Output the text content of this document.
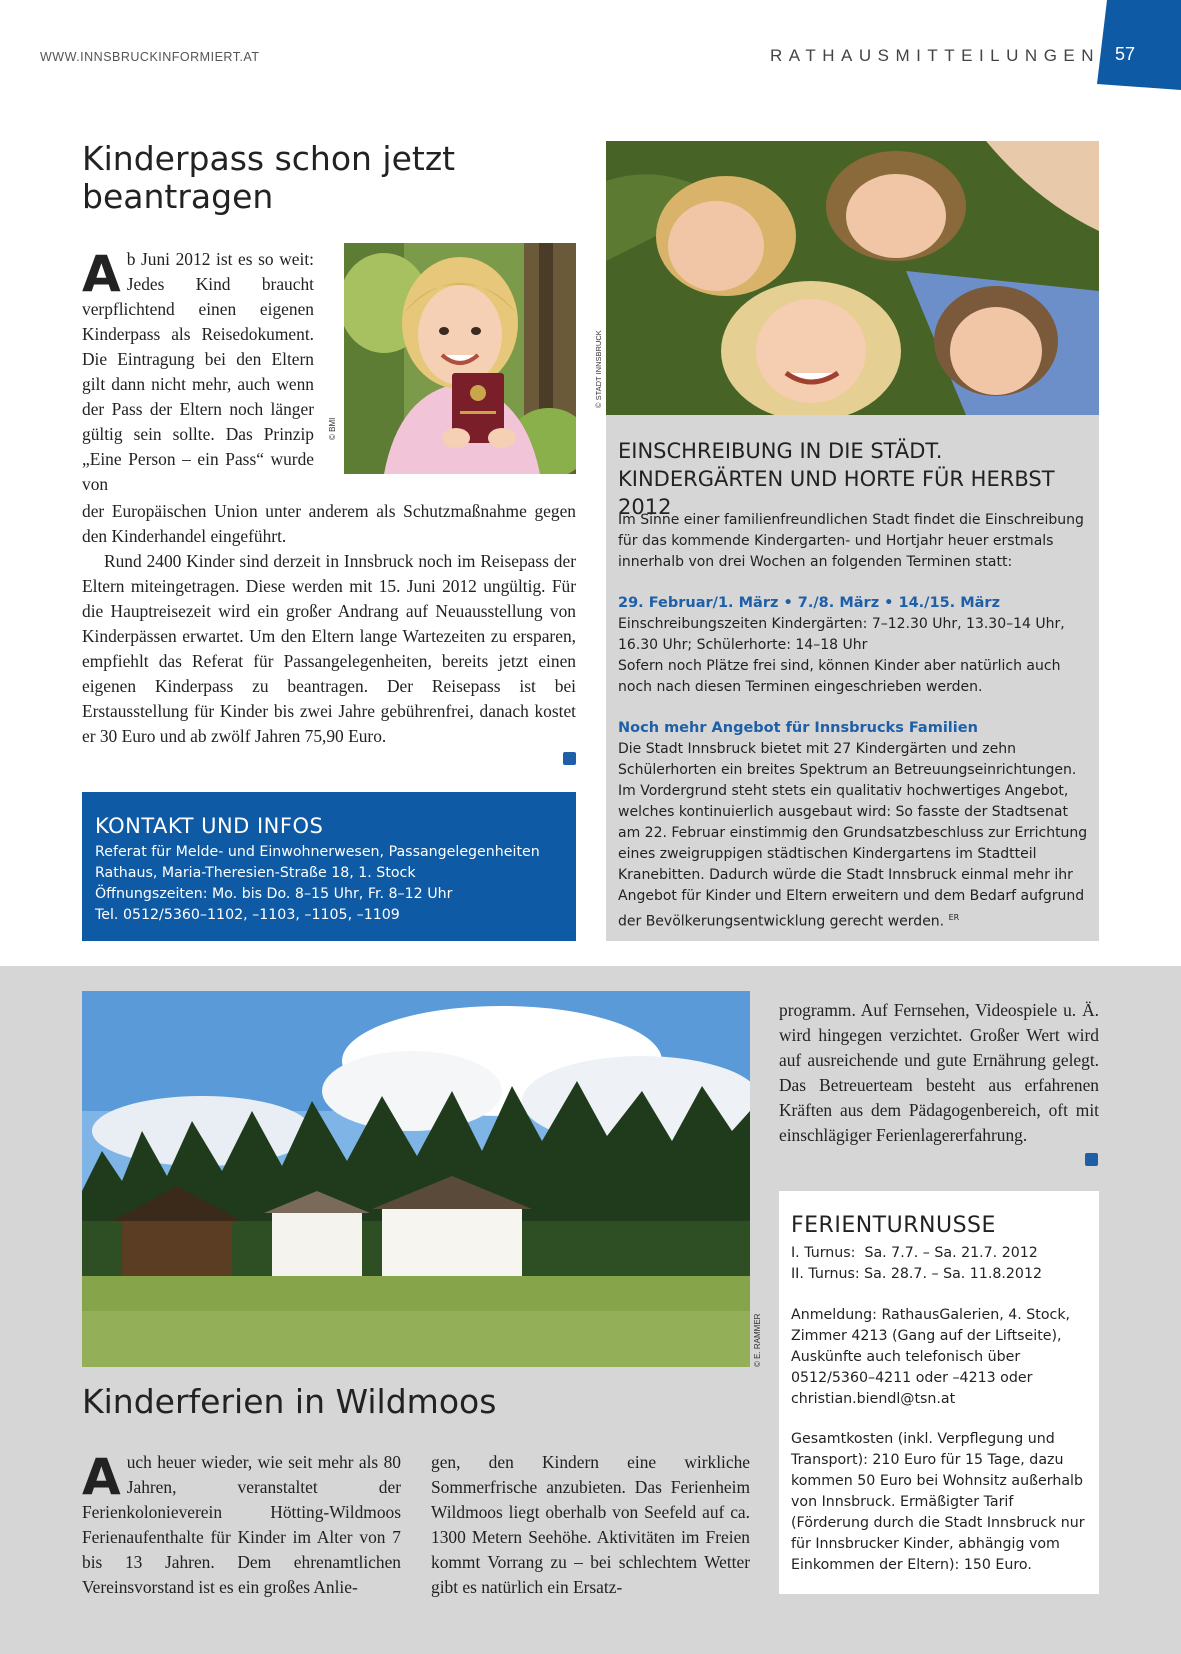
WWW.INNSBRUCKINFORMIERT.AT	RATHAUSMITTEILUNGEN 57
Kinderpass schon jetzt beantragen

Ab Juni 2012 ist es so weit: Jedes Kind braucht verpflichtend einen eigenen Kinderpass als Reisedokument. Die Eintragung bei den Eltern gilt dann nicht mehr, auch wenn der Pass der Eltern noch länger gültig sein sollte. Das Prinzip „Eine Person – ein Pass“ wurde von

© BMI

der Europäischen Union unter anderem als Schutzmaßnahme gegen den Kinderhandel eingeführt.

Rund 2400 Kinder sind derzeit in Innsbruck noch im Reisepass der Eltern miteingetragen. Diese werden mit 15. Juni 2012 ungültig. Für die Hauptreisezeit wird ein großer Andrang auf Neuausstellung von Kinderpässen erwartet. Um den Eltern lange Wartezeiten zu ersparen, empfiehlt das Referat für Passangelegenheiten, bereits jetzt einen eigenen Kinderpass zu beantragen. Der Reisepass ist bei Erstausstellung für Kinder bis zwei Jahre gebührenfrei, danach kostet er 30 Euro und ab zwölf Jahren 75,90 Euro.

KONTAKT UND INFOS
Referat für Melde- und Einwohnerwesen, Passangelegenheiten
Rathaus, Maria-Theresien-Straße 18, 1. Stock
Öffnungszeiten: Mo. bis Do. 8–15 Uhr, Fr. 8–12 Uhr
Tel. 0512/5360–1102, –1103, –1105, –1109
© STADT INNSBRUCK
EINSCHREIBUNG IN DIE STÄDT. KINDERGÄRTEN UND HORTE FÜR HERBST 2012

Im Sinne einer familienfreundlichen Stadt findet die Einschreibung für das kommende Kindergarten- und Hortjahr heuer erstmals innerhalb von drei Wochen an folgenden Terminen statt:

29. Februar/1. März • 7./8. März • 14./15. März
Einschreibungszeiten Kindergärten: 7–12.30 Uhr, 13.30–14 Uhr, 16.30 Uhr; Schülerhorte: 14–18 Uhr
Sofern noch Plätze frei sind, können Kinder aber natürlich auch noch nach diesen Terminen eingeschrieben werden.
Noch mehr Angebot für Innsbrucks Familien
Die Stadt Innsbruck bietet mit 27 Kindergärten und zehn Schülerhorten ein breites Spektrum an Betreuungseinrichtungen. Im Vordergrund steht stets ein qualitativ hochwertiges Angebot, welches kontinuierlich ausgebaut wird: So fasste der Stadtsenat am 22. Februar einstimmig den Grundsatzbeschluss zur Errichtung eines zweigruppigen städtischen Kindergartens im Stadtteil Kranebitten. Dadurch würde die Stadt Innsbruck einmal mehr ihr Angebot für Kinder und Eltern erweitern und dem Bedarf aufgrund der Bevölkerungsentwicklung gerecht werden. $^{ER}$
© E. RAMMER
Kinderferien in Wildmoos

Auch heuer wieder, wie seit mehr als 80 Jahren, veranstaltet der Ferienkolonieverein Hötting-Wildmoos Ferienaufenthalte für Kinder im Alter von 7 bis 13 Jahren. Dem ehrenamtlichen Vereinsvorstand ist es ein großes Anlie-

gen, den Kindern eine wirkliche Sommerfrische anzubieten. Das Ferienheim Wildmoos liegt oberhalb von Seefeld auf ca. 1300 Metern Seehöhe. Aktivitäten im Freien kommt Vorrang zu – bei schlechtem Wetter gibt es natürlich ein Ersatz-

programm. Auf Fernsehen, Videospiele u. Ä. wird hingegen verzichtet. Großer Wert wird auf ausreichende und gute Ernährung gelegt. Das Betreuerteam besteht aus erfahrenen Kräften aus dem Pädagogenbereich, oft mit einschlägiger Ferienlagererfahrung.

FERIENTURNUSSE
I. Turnus:  Sa. 7.7. – Sa. 21.7. 2012
II. Turnus: Sa. 28.7. – Sa. 11.8.2012

Anmeldung: RathausGalerien, 4. Stock, Zimmer 4213 (Gang auf der Liftseite), Auskünfte auch telefonisch über 0512/5360–4211 oder –4213 oder christian.biendl@tsn.at

Gesamtkosten (inkl. Verpflegung und Transport): 210 Euro für 15 Tage, dazu kommen 50 Euro bei Wohnsitz außerhalb von Innsbruck. Ermäßigter Tarif (Förderung durch die Stadt Innsbruck nur für Innsbrucker Kinder, abhängig vom Einkommen der Eltern): 150 Euro.
